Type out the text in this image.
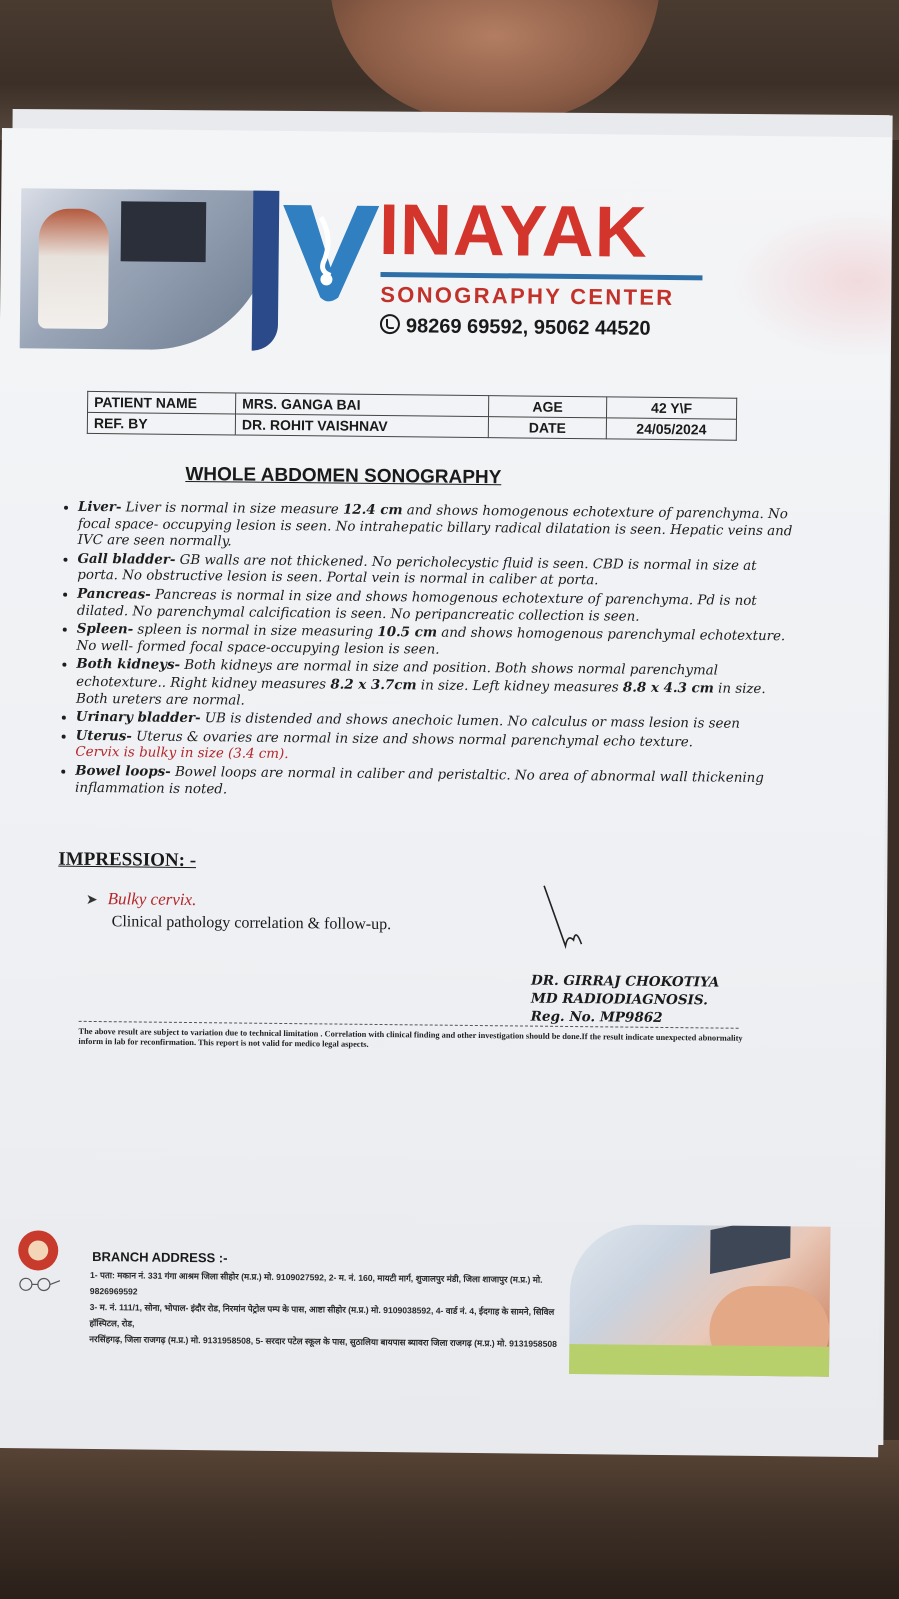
INAYAK
SONOGRAPHY CENTER
98269 69592, 95062 44520
PATIENT NAME	MRS. GANGA BAI	AGE	42 Y\F
REF. BY	DR. ROHIT VAISHNAV	DATE	24/05/2024
WHOLE ABDOMEN SONOGRAPHY
• Liver- Liver is normal in size measure 12.4 cm and shows homogenous echotexture of parenchyma. No focal space- occupying lesion is seen. No intrahepatic billary radical dilatation is seen. Hepatic veins and IVC are seen normally.
• Gall bladder- GB walls are not thickened. No pericholecystic fluid is seen. CBD is normal in size at porta. No obstructive lesion is seen. Portal vein is normal in caliber at porta.
• Pancreas- Pancreas is normal in size and shows homogenous echotexture of parenchyma. Pd is not dilated. No parenchymal calcification is seen. No peripancreatic collection is seen.
• Spleen- spleen is normal in size measuring 10.5 cm and shows homogenous parenchymal echotexture. No well- formed focal space-occupying lesion is seen.
• Both kidneys- Both kidneys are normal in size and position. Both shows normal parenchymal echotexture.. Right kidney measures 8.2 x 3.7cm in size. Left kidney measures 8.8 x 4.3 cm in size. Both ureters are normal.
• Urinary bladder- UB is distended and shows anechoic lumen. No calculus or mass lesion is seen
• Uterus- Uterus & ovaries are normal in size and shows normal parenchymal echo texture.
Cervix is bulky in size (3.4 cm).
• Bowel loops- Bowel loops are normal in caliber and peristaltic. No area of abnormal wall thickening inflammation is noted.
IMPRESSION: -
➤ Bulky cervix.
Clinical pathology correlation & follow-up.
DR. GIRRAJ CHOKOTIYA
MD RADIODIAGNOSIS.
Reg. No. MP9862
The above result are subject to variation due to technical limitation . Correlation with clinical finding and other investigation should be done.If the result indicate unexpected abnormality inform in lab for reconfirmation. This report is not valid for medico legal aspects.
BRANCH ADDRESS :-
1- पता: मकान नं. 331 गंगा आश्रम जिला सीहोर (म.प्र.) मो. 9109027592, 2- म. नं. 160, मायटी मार्ग, शुजालपुर मंडी, जिला शाजापुर (म.प्र.) मो. 9826969592
3- म. नं. 111/1, सोना, भोपाल- इंदौर रोड, निरमांन पेट्रोल पम्प के पास, आष्टा सीहोर (म.प्र.) मो. 9109038592, 4- वार्ड नं. 4, ईदगाह के सामने, सिविल हॉस्पिटल, रोड,
नरसिंहगढ़, जिला राजगढ़ (म.प्र.) मो. 9131958508, 5- सरदार पटेल स्कूल के पास, सुठालिया बायपास ब्यावरा जिला राजगढ़ (म.प्र.) मो. 9131958508
